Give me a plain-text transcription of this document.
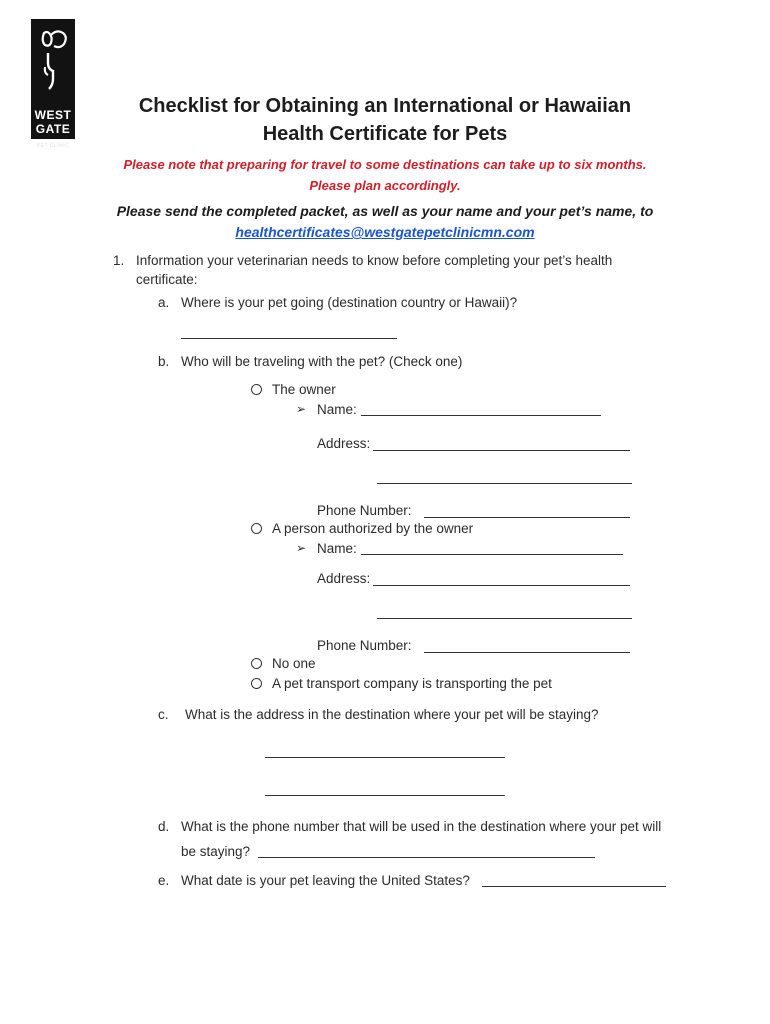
WEST
GATE
PET CLINIC
Checklist for Obtaining an International or Hawaiian
Health Certificate for Pets
Please note that preparing for travel to some destinations can take up to six months.
Please plan accordingly.
Please send the completed packet, as well as your name and your pet’s name, to
healthcertificates@westgatepetclinicmn.com
1. Information your veterinarian needs to know before completing your pet’s health
certificate:
a. Where is your pet going (destination country or Hawaii)?
b. Who will be traveling with the pet? (Check one)
The owner
➢ Name:
Address:
Phone Number:
A person authorized by the owner
➢ Name:
Address:
Phone Number:
No one
A pet transport company is transporting the pet
c. What is the address in the destination where your pet will be staying?
d. What is the phone number that will be used in the destination where your pet will
be staying?
e. What date is your pet leaving the United States?
